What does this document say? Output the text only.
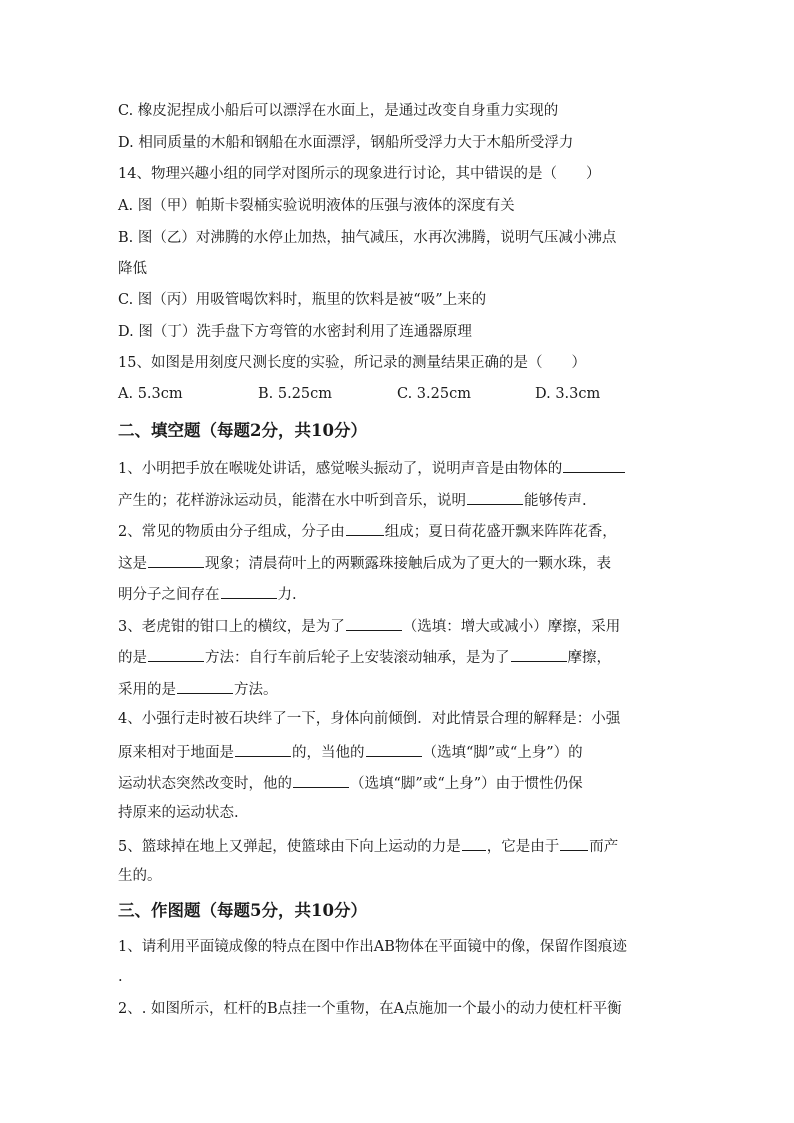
C. 橡皮泥捏成小船后可以漂浮在水面上，是通过改变自身重力实现的
D. 相同质量的木船和钢船在水面漂浮，钢船所受浮力大于木船所受浮力
14、物理兴趣小组的同学对图所示的现象进行讨论，其中错误的是（　　）
A. 图（甲）帕斯卡裂桶实验说明液体的压强与液体的深度有关
B. 图（乙）对沸腾的水停止加热，抽气减压，水再次沸腾，说明气压减小沸点
降低
C. 图（丙）用吸管喝饮料时，瓶里的饮料是被“吸”上来的
D. 图（丁）洗手盘下方弯管的水密封利用了连通器原理
15、如图是用刻度尺测长度的实验，所记录的测量结果正确的是（　　）
A. 5.3cm	B. 5.25cm	C. 3.25cm	D. 3.3cm
二、填空题（每题2分，共10分）
1、小明把手放在喉咙处讲话，感觉喉头振动了，说明声音是由物体的
产生的；花样游泳运动员，能潜在水中听到音乐，说明	能够传声.
2、常见的物质由分子组成，分子由	组成；夏日荷花盛开飘来阵阵花香，
这是	现象；清晨荷叶上的两颗露珠接触后成为了更大的一颗水珠，表
明分子之间存在	力.
3、老虎钳的钳口上的横纹，是为了	（选填：增大或减小）摩擦，采用
的是	方法：自行车前后轮子上安装滚动轴承，是为了	摩擦，
采用的是	方法。
4、小强行走时被石块绊了一下，身体向前倾倒．对此情景合理的解释是：小强
原来相对于地面是	的，当他的	（选填“脚”或“上身”）的
运动状态突然改变时，他的	（选填“脚”或“上身”）由于惯性仍保
持原来的运动状态.
5、篮球掉在地上又弹起，使篮球由下向上运动的力是 ，它是由于 而产
生的。
三、作图题（每题5分，共10分）
1、请利用平面镜成像的特点在图中作出AB物体在平面镜中的像，保留作图痕迹
.
2、. 如图所示，杠杆的B点挂一个重物，在A点施加一个最小的动力使杠杆平衡
